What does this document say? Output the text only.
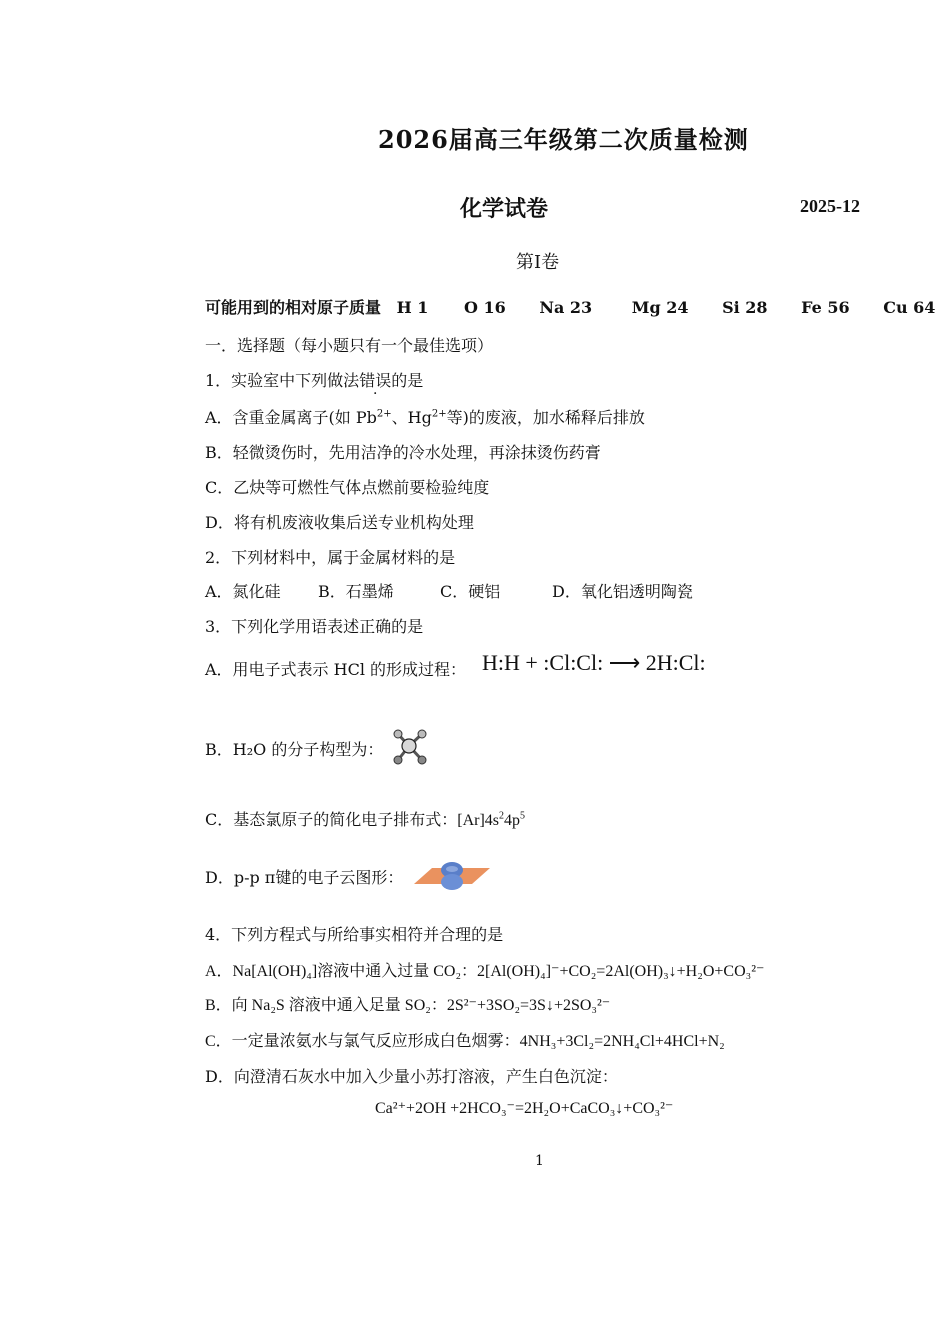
2026届高三年级第二次质量检测
化学试卷	2025-12
第Ⅰ卷
可能用到的相对原子质量 H 1 O 16 Na 23 Mg 24 Si 28 Fe 56 Cu 64
一．选择题（每小题只有一个最佳选项）
1．实验室中下列做法错误的是
A．含重金属离子(如 $Pb^{2+}$、$Hg^{2+}$等)的废液，加水稀释后排放
B．轻微烫伤时，先用洁净的冷水处理，再涂抹烫伤药膏
C．乙炔等可燃性气体点燃前要检验纯度
D．将有机废液收集后送专业机构处理
2．下列材料中，属于金属材料的是
A．氮化硅 B．石墨烯	C．硬铝	D．氧化铝透明陶瓷
3．下列化学用语表述正确的是
A．用电子式表示 HCl 的形成过程： H:H + :Cl:Cl: ⟶ 2H:Cl:
B．H₂O 的分子构型为：
C．基态氯原子的简化电子排布式：$[Ar]4s^24p^5$
D．p-p π键的电子云图形：
4．下列方程式与所给事实相符并合理的是
A．Na[Al(OH)₄]溶液中通入过量 CO₂：2[Al(OH)₄]⁻+CO₂=2Al(OH)₃↓+H₂O+CO₃²⁻
B．向 Na₂S 溶液中通入足量 SO₂：2S²⁻+3SO₂=3S↓+2SO₃²⁻
C．一定量浓氨水与氯气反应形成白色烟雾：4NH₃+3Cl₂=2NH₄Cl+4HCl+N₂
D．向澄清石灰水中加入少量小苏打溶液，产生白色沉淀：
Ca²⁺+2OH +2HCO₃⁻=2H₂O+CaCO₃↓+CO₃²⁻
1
